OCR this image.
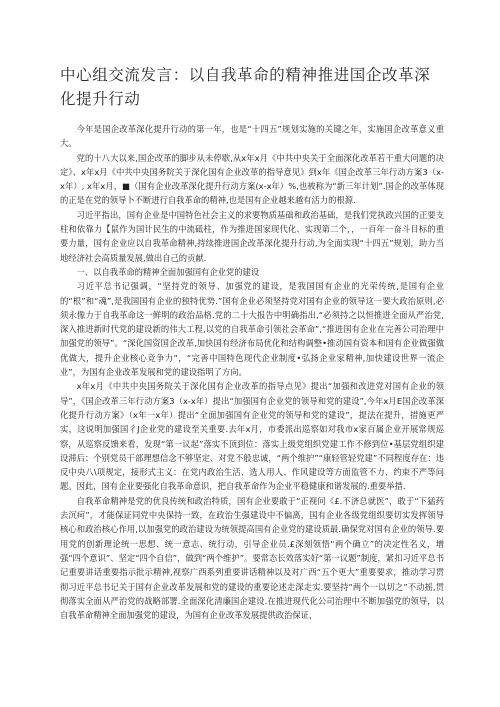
中心组交流发言：以自我革命的精神推进国企改革深化提升行动

今年是国企改革深化提升行动的第一年，也是“十四五”规划实施的关键之年，实施国企改革意义重大。

党的十八大以来,国企改革的脚步从未停歇,从x年x月《中共中央关于全面深化改革若干重大问题的决定》、x年x月《中共中央国务院关于深化国有企业改革的指导意见》到x年《国企改革三年行动方案3（x-x年）, x年x月，■（国有企业改革深化提升行动方案(x-x年）%,也被称为“新三年计划”.国企的改革体现的正是在党的领导卜不断进行自我革命的精神,也是国有企业越来越有活力的根源.

习近平指出，国有企业是中国特色社会主义的求要物质基础和政治基础，是我们党执政兴国的正要支柱和依靠力【鼠作为国计民生的中流砥柱，作为推进国家现代化、实现第二个，，一百年一奋斗目标的重要力量，国有企业应以自我革命精神,持续推进国企改革深化提升行动,为全面实现“十四五”规划，助力当地经济社会高质量发展,做出自己的贡献.

一、以自我革命的精神全面加强国有企业党的建设

习近平总书记强调，“坚持党的领导、加强党的建设，是我国国有企业的光荣传统,是国有企业的“根”和“魂”,是我国国有企业的独特优势.”国有企业必须坚持党对国有企业的领导这一要大政治原则,必须永像力于自我革命这一鲜明的政治品格.党的二十大报告中明确指出,“必须持之以恒推进全面从严治党,深入推进新时代党的建设新的伟大工程,以党的自我革命引领社会革命”,“推进国有企业在完善公司治理中加强党的领导”。“深化国资国企改革,加快国有经济布局优化和结构调整•推动国有资本和国有企业做强做优做大，提升企业核心竞争力”，“完善中国特色现代企业制度•弘扬企业家精神,加快建设世界一流企业”，为国有企业改革发展和党的建设指明了方向。

x年x月《中共中央国务院关于深化国有企业改革的指导点见》提出“加强和改进党对国有企业的领导”，《国企改革三年行动方案3（x-x年）提出“加强国有企业党的领导和党的建设”,今年x月E国企改革深化提升行动方案》（x年一x年）提出“全面加强国有企业党的领导和党的建设”，提法在提升，措施更严实，这说明加强国彳J企业党的建设至关重要.去年x月，市委派出巡察如对我市x家百属企业开展常规巡察，从巡察反馈来看，发现“第一议起”落实不顶到位：落实上级党组织党建工作不修到位•基层党组织建设滞后：个别党员干部理想信念不够坚定、对党不般忠诚，“两个维护”“康轻管轻党建”不同程度存在：违反中央八\项规定，接形式主义：在党内政治生活、选人用人、作风建设等方面监管不力、约束不严等问题。因此，国有企业要强化自我革命意识，把自我革命作为企业平稳健康和谐发展的.重要举措.

自我革命精神是党的优良传统和政治特质，国有企业要敢于“正视问《£.不济总就医”，敢于“下猛药去沉疴”，才能保证同党中央保持一致，在政治生强建设中不偏离，国有企业各级党组织要切实发挥领导核心和政治核心作用,以加强党的政治建设为统领提高国有企业党的建设质最.确保党对国有企业的领导.要用党的创新理论统一思想、统一意志、统行动，引导企业员.£深刻领悟“两个确立”的决定性名义，增强“四个意识”、坚定“四个自信”，做到“两个维护”。要常态长效落实好“第一议题”制度，紧扣习近平总书记重要讲话重要指示批示精神,视察广西系列重要讲话精神以及对广西“五个更大”重要要求，推动学习贯彻习近平总书记关于国有企业改革发展和党的建设的重要论述走深走实.要坚持“两个一以切之”不动摇,贯彻落实全面从严治党的战略部署.全面深化清廉国企建设.在推进现代化公司治理中不断加强党的领导，以自我革命精神全面加强党的建设，为国有企业改革发展提供政治保证，
